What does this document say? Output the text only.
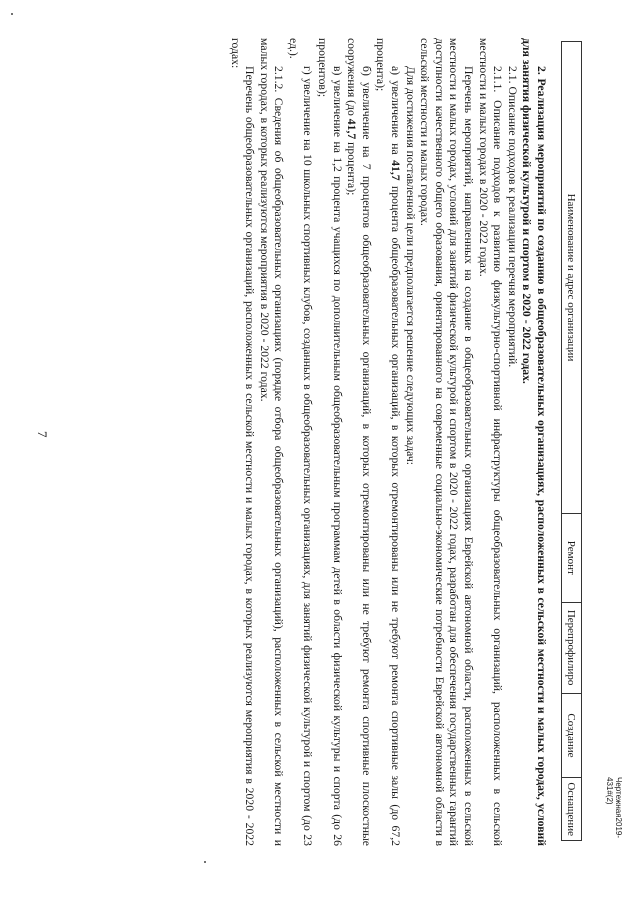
7	2. Реализация мероприятий по созданию в общеобразовательных организациях, расположенных в сельской местности и малых городах, условий для занятия физической культурой и спортом в 2020 - 2022 годах.

2.1. Описание подходов к реализации перечня мероприятий.

2.1.1. Описание подходов к развитию физкультурно-спортивной инфраструктуры общеобразовательных организаций, расположенных в сельской местности и малых городах в 2020 - 2022 годах.

Перечень мероприятий, направленных на создание в общеобразовательных организациях Еврейской автономной области, расположенных в сельской местности и малых городах, условий для занятий физической культурой и спортом в 2020 - 2022 годах, разработан для обеспечения государственных гарантий доступности качественного общего образования, ориентированного на современные социально-экономические потребности Еврейской автономной области в сельской местности и малых городах.

Для достижения поставленной цели предполагается решение следующих задач:

а) увеличение на 41,7 процента общеобразовательных организаций, в которых отремонтированы или не требуют ремонта спортивные залы (до 67,2 процента);

б) увеличение на 7 процентов общеобразовательных организаций, в которых отремонтированы или не требуют ремонта спортивные плоскостные сооружения (до 41,7 процента);

в) увеличение на 1,2 процента учащихся по дополнительным общеобразовательным программам детей в области физической культуры и спорта (до 26 процентов);

г) увеличение на 10 школьных спортивных клубов, созданных в общеобразовательных организациях, для занятий физической культурой и спортом (до 23 ед.).

2.1.2. Сведения об общеобразовательных организациях (порядке отбора общеобразовательных организаций), расположенных в сельской местности и малых городах, в которых реализуются мероприятия в 2020 - 2022 годах.

Перечень общеобразовательных организаций, расположенных в сельской местности и малых городах, в которых реализуются мероприятия в 2020 - 2022 годах:

Наименование и адрес организации	Ремонт	Перепрофилиро	Создание	Оснащение	Чертежная2019-431#(2)
